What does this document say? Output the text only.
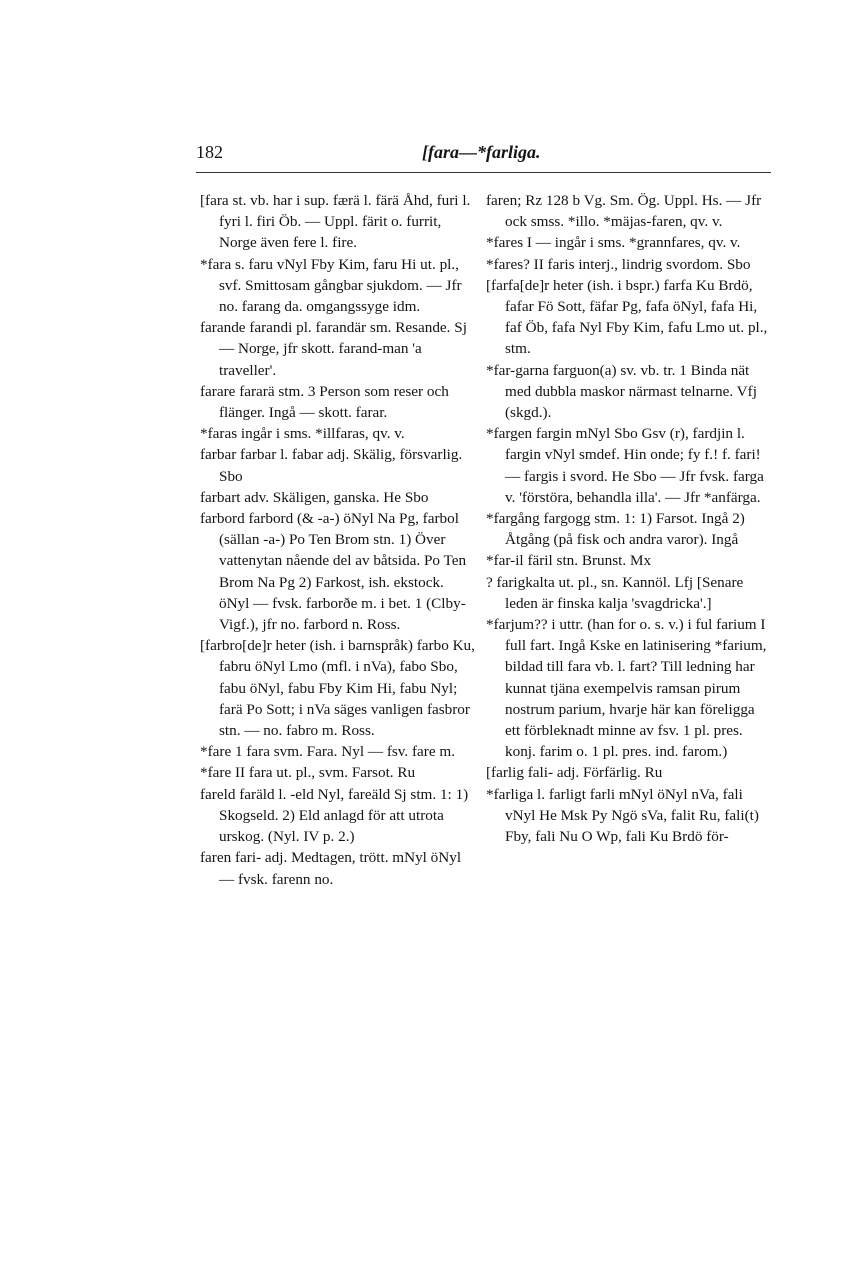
182	[fara—*farliga.

[fara st. vb. har i sup. færä l. färä Åhd, furi l. fyri l. firi Öb. — Uppl. färit o. furrit, Norge även fere l. fire.

*fara s. faru vNyl Fby Kim, faru Hi ut. pl., svf. Smittosam gångbar sjukdom. — Jfr no. farang da. omgangssyge idm.

farande farandi pl. farandär sm. Resande. Sj — Norge, jfr skott. farand-man 'a traveller'.

farare fararä stm. 3 Person som reser och flänger. Ingå — skott. farar.

*faras ingår i sms. *illfaras, qv. v.

farbar farbar l. fabar adj. Skälig, försvarlig. Sbo

farbart adv. Skäligen, ganska. He Sbo

farbord farbord (& -a-) öNyl Na Pg, farbol (sällan -a-) Po Ten Brom stn. 1) Över vattenytan nående del av båtsida. Po Ten Brom Na Pg 2) Farkost, ish. ekstock. öNyl — fvsk. farborðe m. i bet. 1 (Clby-Vigf.), jfr no. farbord n. Ross.

[farbro[de]r heter (ish. i barnspråk) farbo Ku, fabru öNyl Lmo (mfl. i nVa), fabo Sbo, fabu öNyl, fabu Fby Kim Hi, fabu Nyl; farä Po Sott; i nVa säges vanligen fasbror stn. — no. fabro m. Ross.

*fare 1 fara svm. Fara. Nyl — fsv. fare m.

*fare II fara ut. pl., svm. Farsot. Ru

fareld faräld l. -eld Nyl, fareäld Sj stm. 1: 1) Skogseld. 2) Eld anlagd för att utrota urskog. (Nyl. IV p. 2.)

faren fari- adj. Medtagen, trött. mNyl öNyl — fvsk. farenn no.

faren; Rz 128 b Vg. Sm. Ög. Uppl. Hs. — Jfr ock smss. *illo. *mäjas-faren, qv. v.

*fares I — ingår i sms. *grannfares, qv. v.

*fares? II faris interj., lindrig svordom. Sbo

[farfa[de]r heter (ish. i bspr.) farfa Ku Brdö, fafar Fö Sott, fäfar Pg, fafa öNyl, fafa Hi, faf Öb, fafa Nyl Fby Kim, fafu Lmo ut. pl., stm.

*far-garna farguon(a) sv. vb. tr. 1 Binda nät med dubbla maskor närmast telnarne. Vfj (skgd.).

*fargen fargin mNyl Sbo Gsv (r), fardjin l. fargin vNyl smdef. Hin onde; fy f.! f. fari! — fargis i svord. He Sbo — Jfr fvsk. farga v. 'förstöra, behandla illa'. — Jfr *anfärga.

*fargång fargogg stm. 1: 1) Farsot. Ingå 2) Åtgång (på fisk och andra varor). Ingå

*far-il färil stn. Brunst. Mx

? farigkalta ut. pl., sn. Kannöl. Lfj [Senare leden är finska kalja 'svagdricka'.]

*farjum?? i uttr. (han for o. s. v.) i ful farium I full fart. Ingå Kske en latinisering *farium, bildad till fara vb. l. fart? Till ledning har kunnat tjäna exempelvis ramsan pirum nostrum parium, hvarje här kan föreligga ett förbleknadt minne av fsv. 1 pl. pres. konj. farim o. 1 pl. pres. ind. farom.)

[farlig fali- adj. Förfärlig. Ru

*farliga l. farligt farli mNyl öNyl nVa, fali vNyl He Msk Py Ngö sVa, falit Ru, fali(t) Fby, fali Nu O Wp, fali Ku Brdö för-
